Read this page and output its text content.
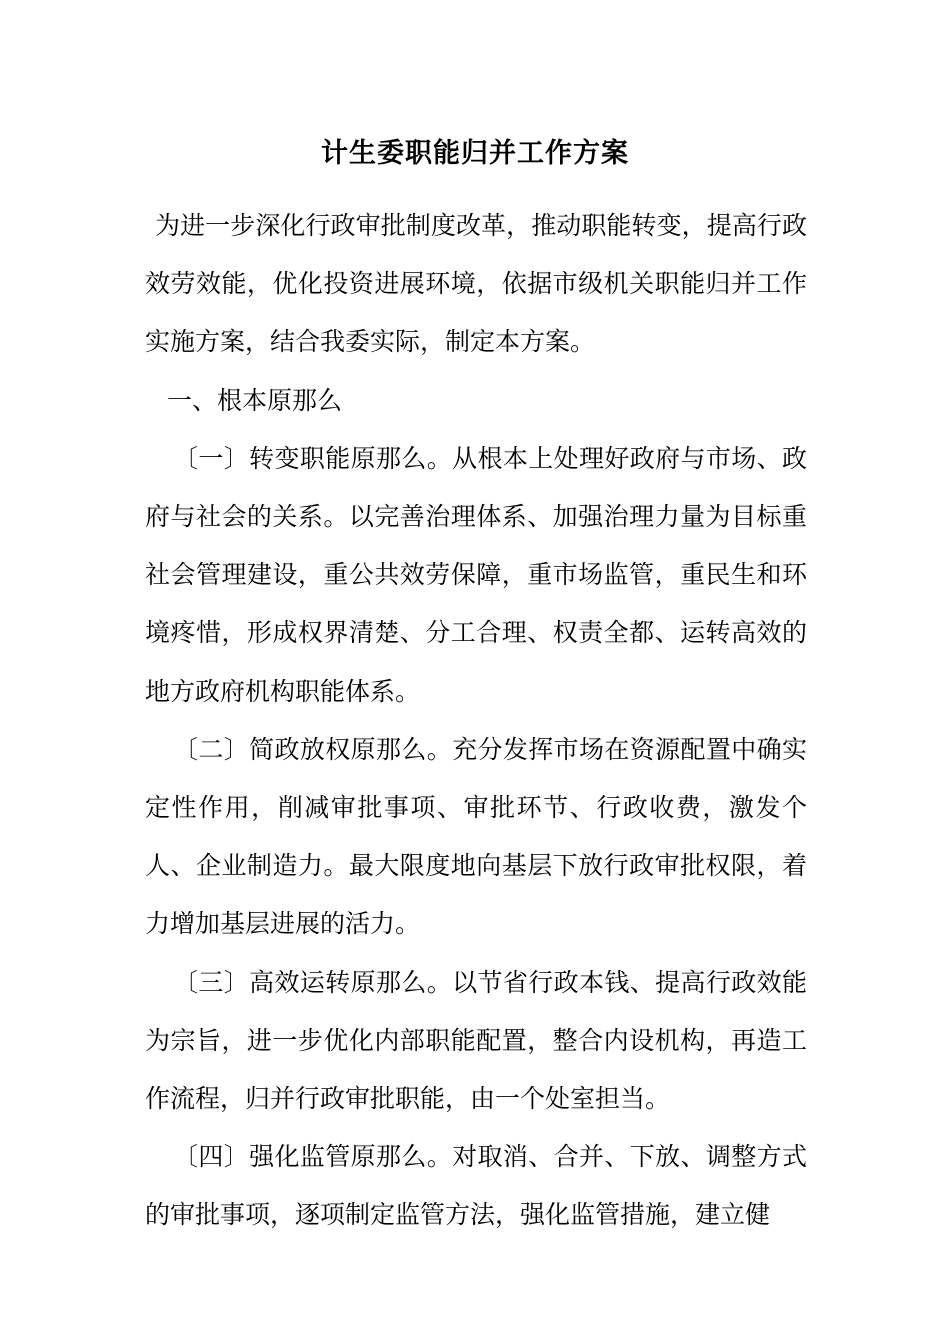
计生委职能归并工作方案

为进一步深化行政审批制度改革，推动职能转变，提高行政效劳效能，优化投资进展环境，依据市级机关职能归并工作实施方案，结合我委实际，制定本方案。

一、根本原那么

〔一〕转变职能原那么。从根本上处理好政府与市场、政府与社会的关系。以完善治理体系、加强治理力量为目标重社会管理建设，重公共效劳保障，重市场监管，重民生和环境疼惜，形成权界清楚、分工合理、权责全都、运转高效的地方政府机构职能体系。

〔二〕简政放权原那么。充分发挥市场在资源配置中确实定性作用，削减审批事项、审批环节、行政收费，激发个人、企业制造力。最大限度地向基层下放行政审批权限，着力增加基层进展的活力。

〔三〕高效运转原那么。以节省行政本钱、提高行政效能为宗旨，进一步优化内部职能配置，整合内设机构，再造工作流程，归并行政审批职能，由一个处室担当。

〔四〕强化监管原那么。对取消、合并、下放、调整方式的审批事项，逐项制定监管方法，强化监管措施，建立健
